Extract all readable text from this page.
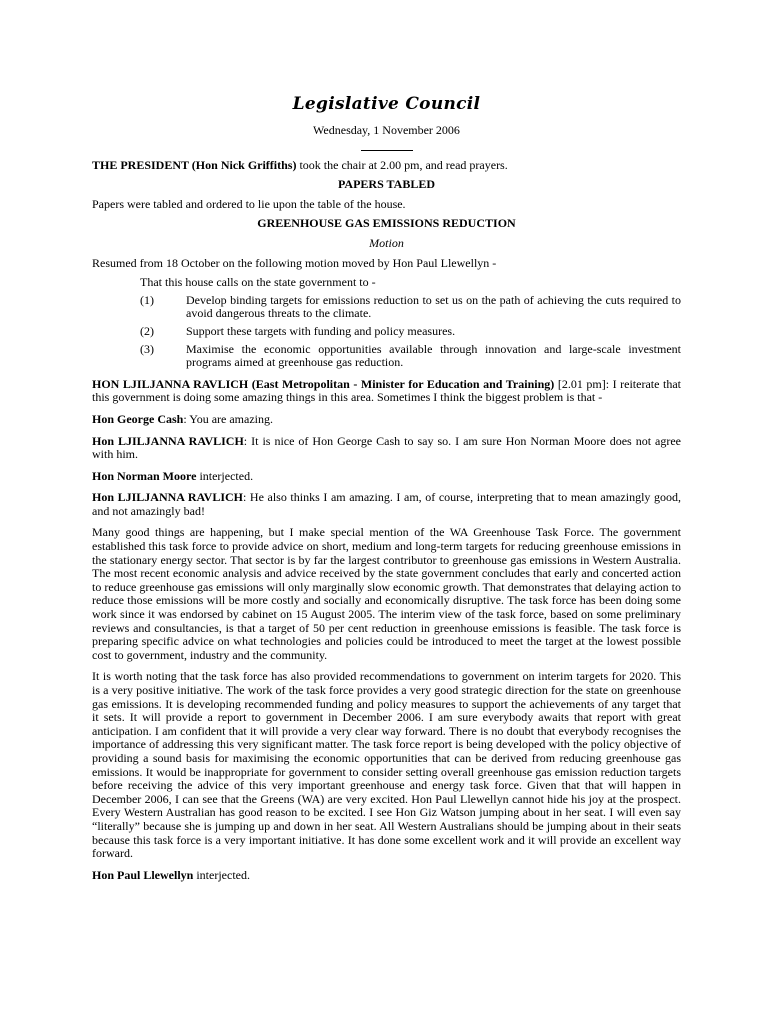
Legislative Council
Wednesday, 1 November 2006

THE PRESIDENT (Hon Nick Griffiths) took the chair at 2.00 pm, and read prayers.

PAPERS TABLED

Papers were tabled and ordered to lie upon the table of the house.

GREENHOUSE GAS EMISSIONS REDUCTION
Motion

Resumed from 18 October on the following motion moved by Hon Paul Llewellyn -

That this house calls on the state government to -
(1)	Develop binding targets for emissions reduction to set us on the path of achieving the cuts required to avoid dangerous threats to the climate.
(2)	Support these targets with funding and policy measures.
(3)	Maximise the economic opportunities available through innovation and large-scale investment programs aimed at greenhouse gas reduction.

HON LJILJANNA RAVLICH (East Metropolitan - Minister for Education and Training) [2.01 pm]: I reiterate that this government is doing some amazing things in this area. Sometimes I think the biggest problem is that -

Hon George Cash: You are amazing.

Hon LJILJANNA RAVLICH: It is nice of Hon George Cash to say so. I am sure Hon Norman Moore does not agree with him.

Hon Norman Moore interjected.

Hon LJILJANNA RAVLICH: He also thinks I am amazing. I am, of course, interpreting that to mean amazingly good, and not amazingly bad!

Many good things are happening, but I make special mention of the WA Greenhouse Task Force. The government established this task force to provide advice on short, medium and long-term targets for reducing greenhouse emissions in the stationary energy sector. That sector is by far the largest contributor to greenhouse gas emissions in Western Australia. The most recent economic analysis and advice received by the state government concludes that early and concerted action to reduce greenhouse gas emissions will only marginally slow economic growth. That demonstrates that delaying action to reduce those emissions will be more costly and socially and economically disruptive. The task force has been doing some work since it was endorsed by cabinet on 15 August 2005. The interim view of the task force, based on some preliminary reviews and consultancies, is that a target of 50 per cent reduction in greenhouse emissions is feasible. The task force is preparing specific advice on what technologies and policies could be introduced to meet the target at the lowest possible cost to government, industry and the community.

It is worth noting that the task force has also provided recommendations to government on interim targets for 2020. This is a very positive initiative. The work of the task force provides a very good strategic direction for the state on greenhouse gas emissions. It is developing recommended funding and policy measures to support the achievements of any target that it sets. It will provide a report to government in December 2006. I am sure everybody awaits that report with great anticipation. I am confident that it will provide a very clear way forward. There is no doubt that everybody recognises the importance of addressing this very significant matter. The task force report is being developed with the policy objective of providing a sound basis for maximising the economic opportunities that can be derived from reducing greenhouse gas emissions. It would be inappropriate for government to consider setting overall greenhouse gas emission reduction targets before receiving the advice of this very important greenhouse and energy task force. Given that that will happen in December 2006, I can see that the Greens (WA) are very excited. Hon Paul Llewellyn cannot hide his joy at the prospect. Every Western Australian has good reason to be excited. I see Hon Giz Watson jumping about in her seat. I will even say “literally” because she is jumping up and down in her seat. All Western Australians should be jumping about in their seats because this task force is a very important initiative. It has done some excellent work and it will provide an excellent way forward.

Hon Paul Llewellyn interjected.
